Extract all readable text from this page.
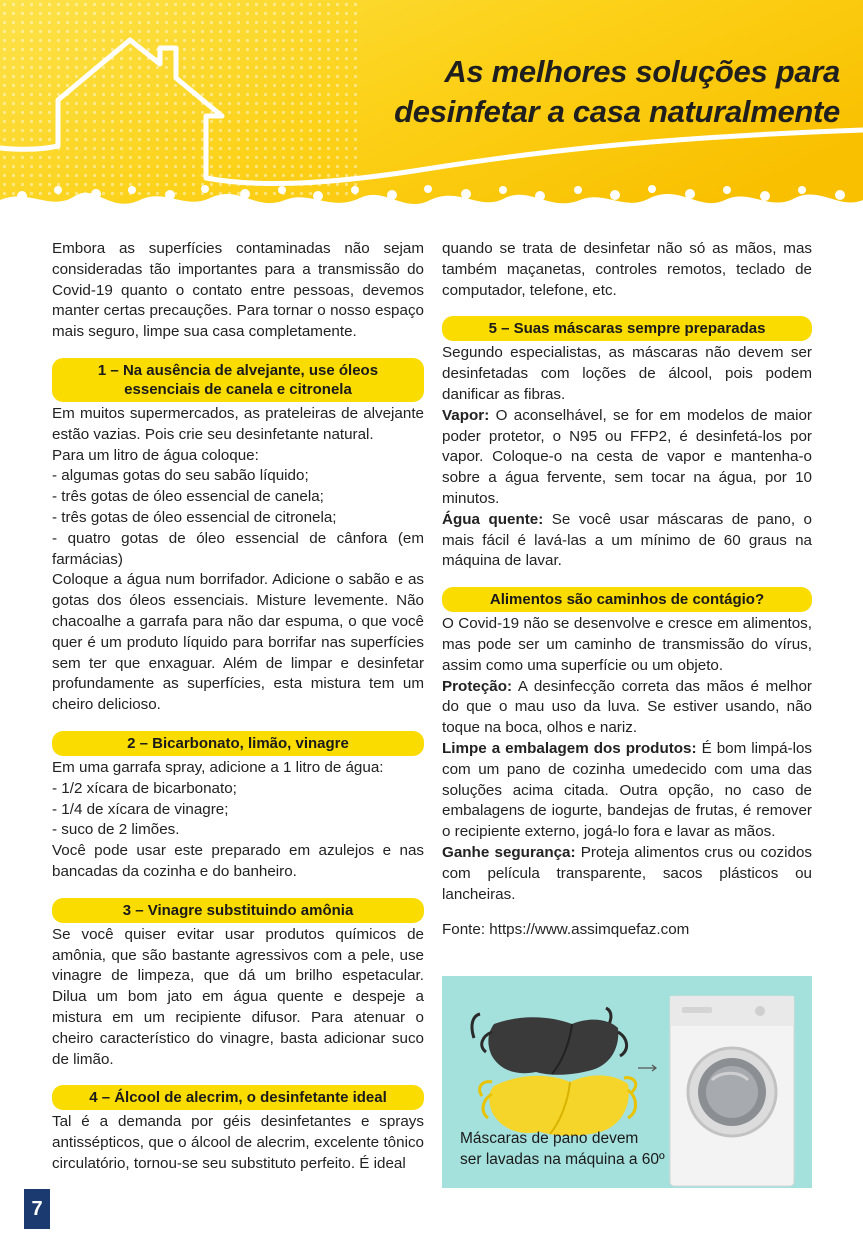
As melhores soluções para
desinfetar a casa naturalmente

Embora as superfícies contaminadas não sejam consideradas tão importantes para a transmissão do Covid-19 quanto o contato entre pessoas, devemos manter certas precauções. Para tornar o nosso espaço mais seguro, limpe sua casa completamente.

1 – Na ausência de alvejante, use óleos
essenciais de canela e citronela

Em muitos supermercados, as prateleiras de alvejante estão vazias. Pois crie seu desinfetante natural.

Para um litro de água coloque:

- algumas gotas do seu sabão líquido;

- três gotas de óleo essencial de canela;

- três gotas de óleo essencial de citronela;

- quatro gotas de óleo essencial de cânfora (em farmácias)

Coloque a água num borrifador. Adicione o sabão e as gotas dos óleos essenciais. Misture levemente. Não chacoalhe a garrafa para não dar espuma, o que você quer é um produto líquido para borrifar nas superfícies sem ter que enxaguar. Além de limpar e desinfetar profundamente as superfícies, esta mistura tem um cheiro delicioso.

2 – Bicarbonato, limão, vinagre

Em uma garrafa spray, adicione a 1 litro de água:

- 1/2 xícara de bicarbonato;

- 1/4 de xícara de vinagre;

- suco de 2 limões.

Você pode usar este preparado em azulejos e nas bancadas da cozinha e do banheiro.

3 – Vinagre substituindo amônia

Se você quiser evitar usar produtos químicos de amônia, que são bastante agressivos com a pele, use vinagre de limpeza, que dá um brilho espetacular. Dilua um bom jato em água quente e despeje a mistura em um recipiente difusor. Para atenuar o cheiro característico do vinagre, basta adicionar suco de limão.

4 – Álcool de alecrim, o desinfetante ideal

Tal é a demanda por géis desinfetantes e sprays antissépticos, que o álcool de alecrim, excelente tônico circulatório, tornou-se seu substituto perfeito. É ideal

quando se trata de desinfetar não só as mãos, mas também maçanetas, controles remotos, teclado de computador, telefone, etc.

5 – Suas máscaras sempre preparadas

Segundo especialistas, as máscaras não devem ser desinfetadas com loções de álcool, pois podem danificar as fibras.

Vapor: O aconselhável, se for em modelos de maior poder protetor, o N95 ou FFP2, é desinfetá-los por vapor. Coloque-o na cesta de vapor e mantenha-o sobre a água fervente, sem tocar na água, por 10 minutos.

Água quente: Se você usar máscaras de pano, o mais fácil é lavá-las a um mínimo de 60 graus na máquina de lavar.

Alimentos são caminhos de contágio?

O Covid-19 não se desenvolve e cresce em alimentos, mas pode ser um caminho de transmissão do vírus, assim como uma superfície ou um objeto.

Proteção: A desinfecção correta das mãos é melhor do que o mau uso da luva. Se estiver usando, não toque na boca, olhos e nariz.

Limpe a embalagem dos produtos: É bom limpá-los com um pano de cozinha umedecido com uma das soluções acima citada. Outra opção, no caso de embalagens de iogurte, bandejas de frutas, é remover o recipiente externo, jogá-lo fora e lavar as mãos.

Ganhe segurança: Proteja alimentos crus ou cozidos com película transparente, sacos plásticos ou lancheiras.

Fonte: https://www.assimquefaz.com

Máscaras de pano devem
ser lavadas na máquina a 60º
7
